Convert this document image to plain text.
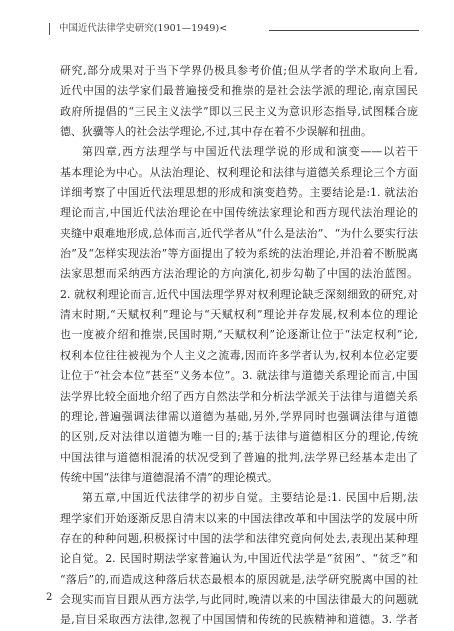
中国近代法律学史研究(1901—1949)<
研究,部分成果对于当下学界仍极具参考价值;但从学者的学术取向上看,
近代中国的法学家们最普遍接受和推崇的是社会法学派的理论,南京国民
政府所提倡的“三民主义法学”即以三民主义为意识形态指导,试图糅合庞
德、狄骥等人的社会法学理论,不过,其中存在着不少误解和扭曲。
第四章,西方法理学与中国近代法理学说的形成和演变——以若干
基本理论为中心。从法治理论、权利理论和法律与道德关系理论三个方面
详细考察了中国近代法理思想的形成和演变趋势。主要结论是:1. 就法治
理论而言,中国近代法治理论在中国传统法家理论和西方现代法治理论的
夹缝中艰难地形成,总体而言,近代学者从“什么是法治”、“为什么要实行法
治”及“怎样实现法治”等方面提出了较为系统的法治理论,并沿着不断脱离
法家思想而采纳西方法治理论的方向演化,初步勾勒了中国的法治蓝图。
2. 就权利理论而言,近代中国法理学界对权利理论缺乏深刻细致的研究,对
清末时期,“天赋权利”理论与“天赋权利”理论并存发展,权利本位的理论
也一度被介绍和推崇,民国时期,“天赋权利”论逐渐让位于“法定权利”论,
权利本位往往被视为个人主义之流毒,因而许多学者认为,权利本位必定要
让位于“社会本位”甚至“义务本位”。3. 就法律与道德关系理论而言,中国
法学界比较全面地介绍了西方自然法学和分析法学派关于法律与道德关系
的理论,普遍强调法律需以道德为基础,另外,学界同时也强调法律与道德
的区别,反对法律以道德为唯一目的;基于法律与道德相区分的理论,传统
中国法律与道德相混淆的状况受到了普遍的批判,法学界已经基本走出了
传统中国“法律与道德混淆不清”的理论模式。
第五章,中国近代法律学的初步自觉。主要结论是:1. 民国中后期,法
理学家们开始逐渐反思自清末以来的中国法律改革和中国法学的发展中所
存在的种种问题,积极探讨中国的法学和法律究竟向何处去,表现出某种理
论自觉。2. 民国时期法学家普遍认为,中国近代法学是“贫困”、“贫乏”和
“落后”的,而造成这种落后状态最根本的原因就是,法学研究脱离中国的社
会现实而盲目跟从西方法学,与此同时,晚清以来的中国法律最大的问题就
是,盲目采取西方法律,忽视了中国国情和传统的民族精神和道德。3. 学者
2
